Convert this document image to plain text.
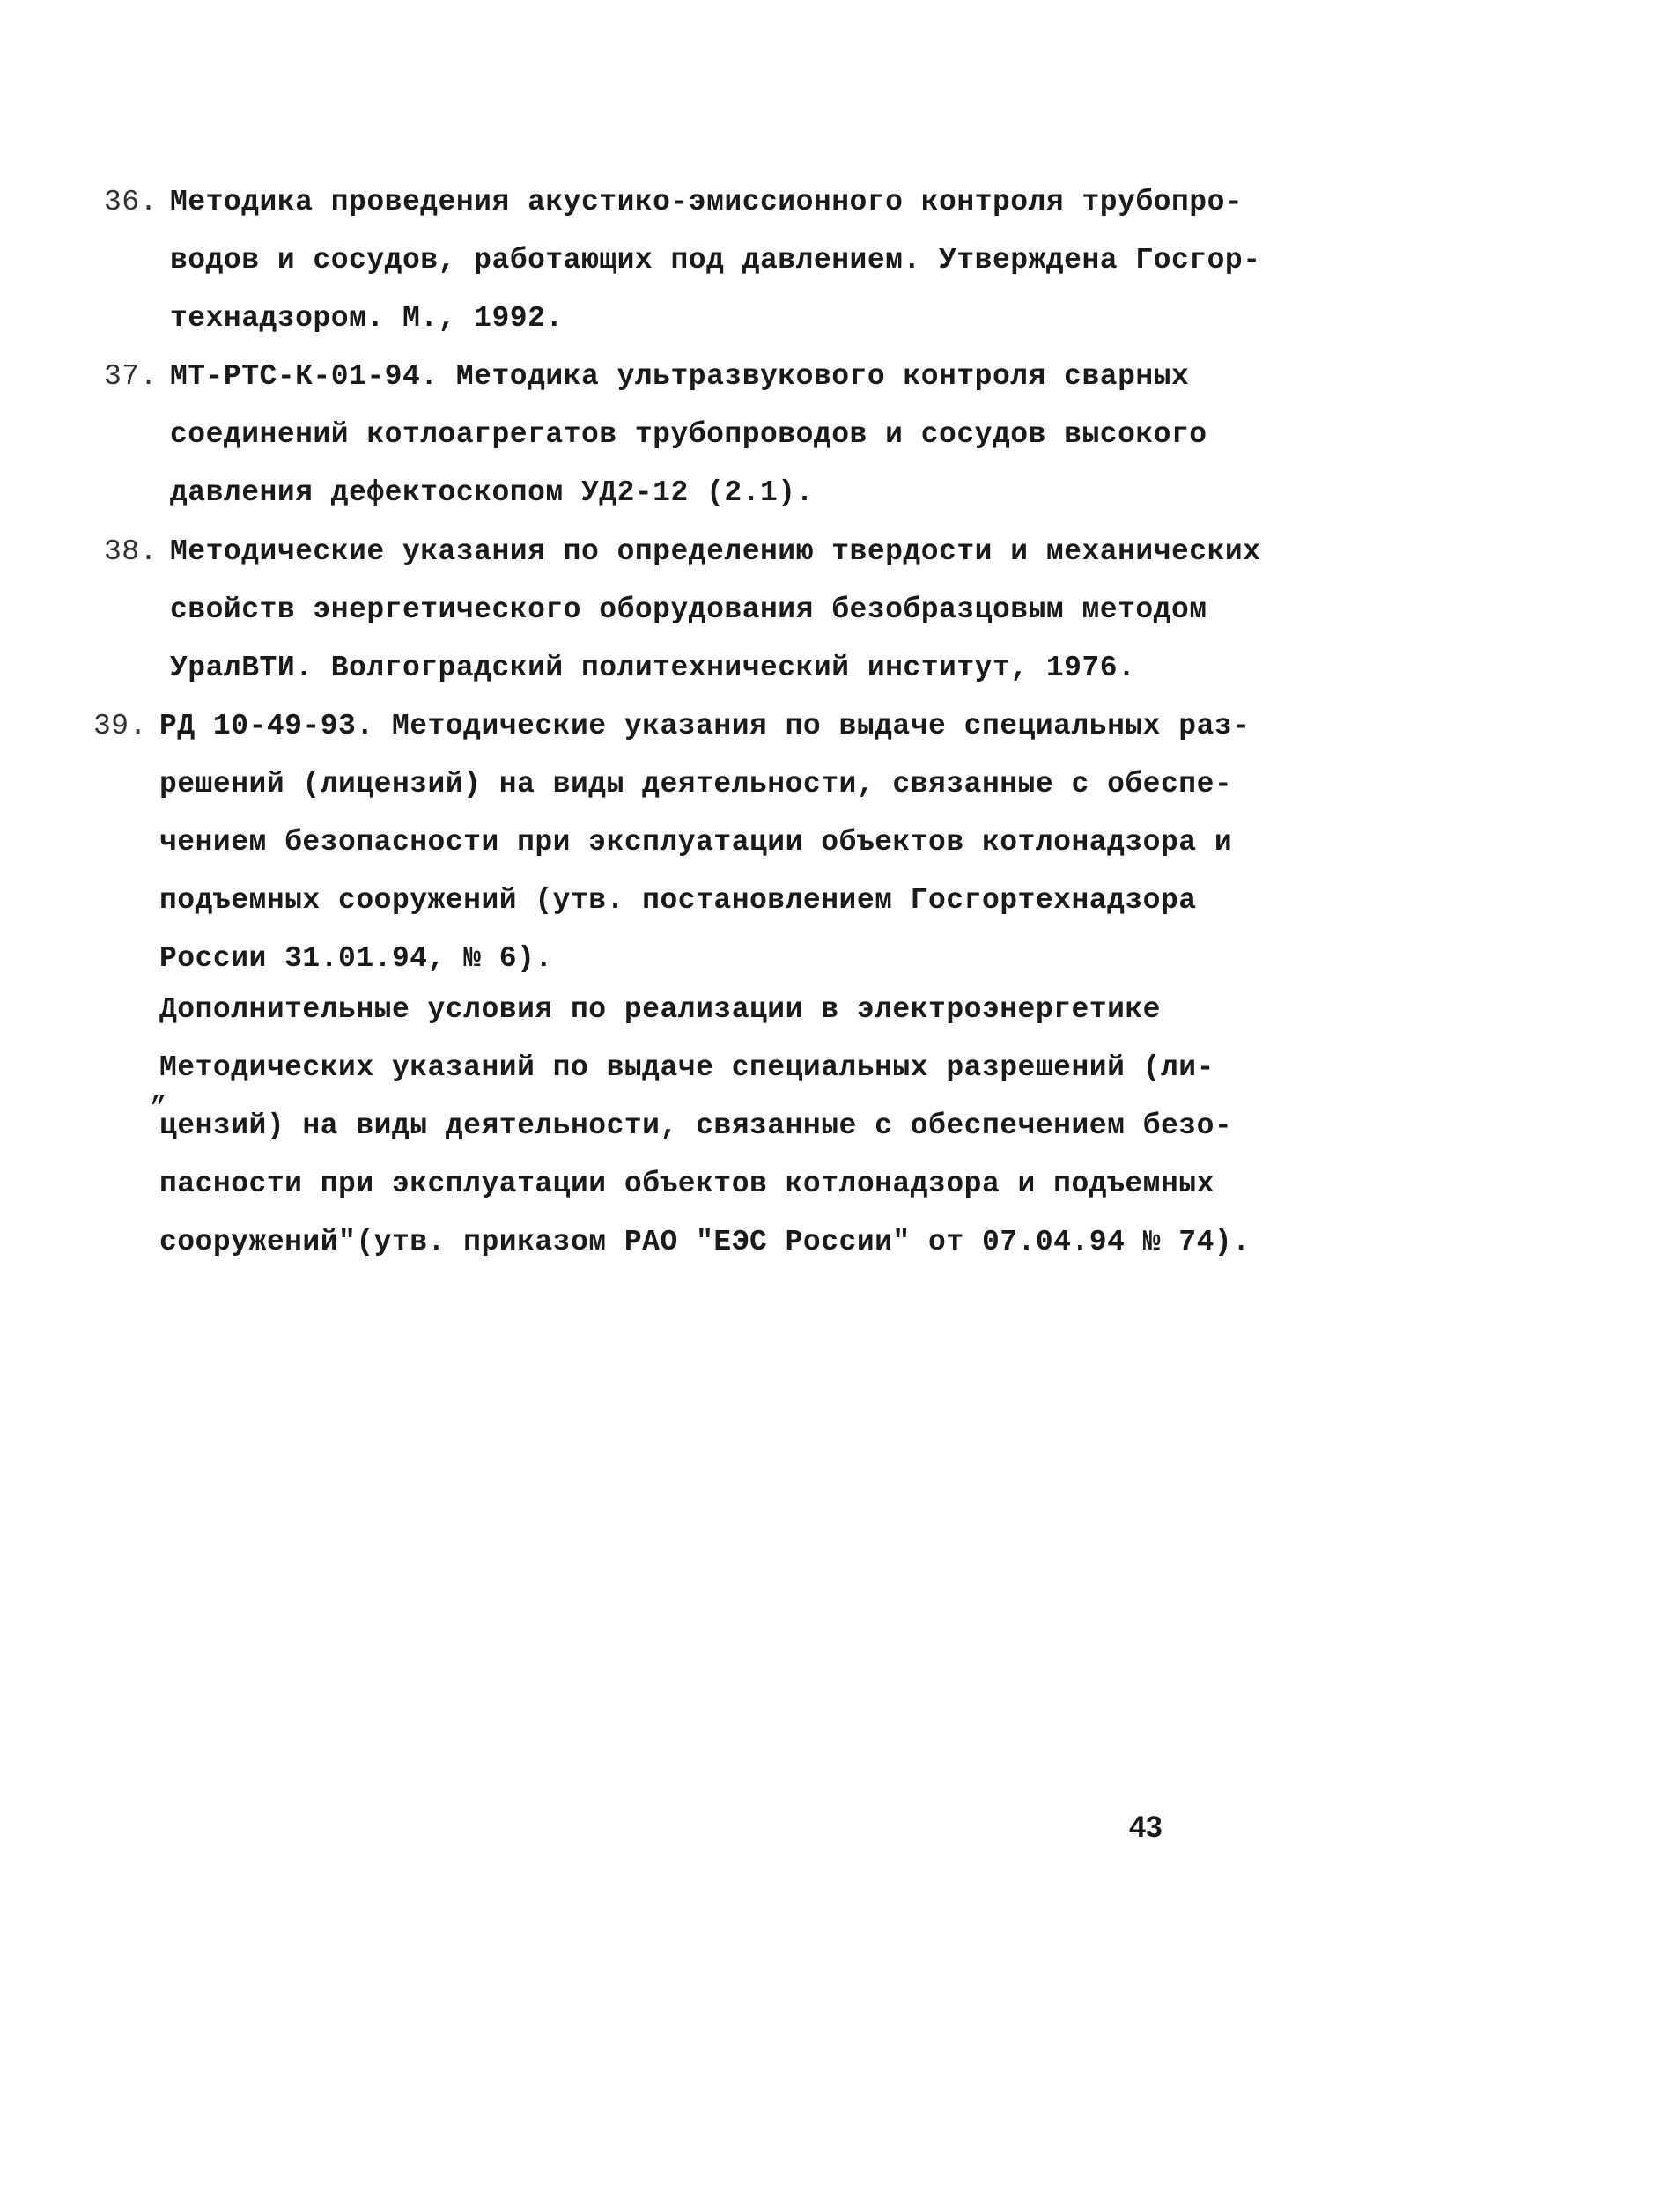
36. Методика проведения акустико-эмиссионного контроля трубопро-
водов и сосудов, работающих под давлением. Утверждена Госгор-
технадзором. М., 1992.
37. МТ-РТС-К-01-94. Методика ультразвукового контроля сварных
соединений котлоагрегатов трубопроводов и сосудов высокого
давления дефектоскопом УД2-12 (2.1).
38. Методические указания по определению твердости и механических
свойств энергетического оборудования безобразцовым методом
УралВТИ. Волгоградский политехнический институт, 1976.
39. РД 10-49-93. Методические указания по выдаче специальных раз-
решений (лицензий) на виды деятельности, связанные с обеспе-
чением безопасности при эксплуатации объектов котлонадзора и
подъемных сооружений (утв. постановлением Госгортехнадзора
России 31.01.94, № 6).
Дополнительные условия по реализации в электроэнергетике
Методических указаний по выдаче специальных разрешений (ли-
„
цензий) на виды деятельности, связанные с обеспечением безо-
пасности при эксплуатации объектов котлонадзора и подъемных
сооружений"(утв. приказом РАО "ЕЭС России" от 07.04.94 № 74).
43
